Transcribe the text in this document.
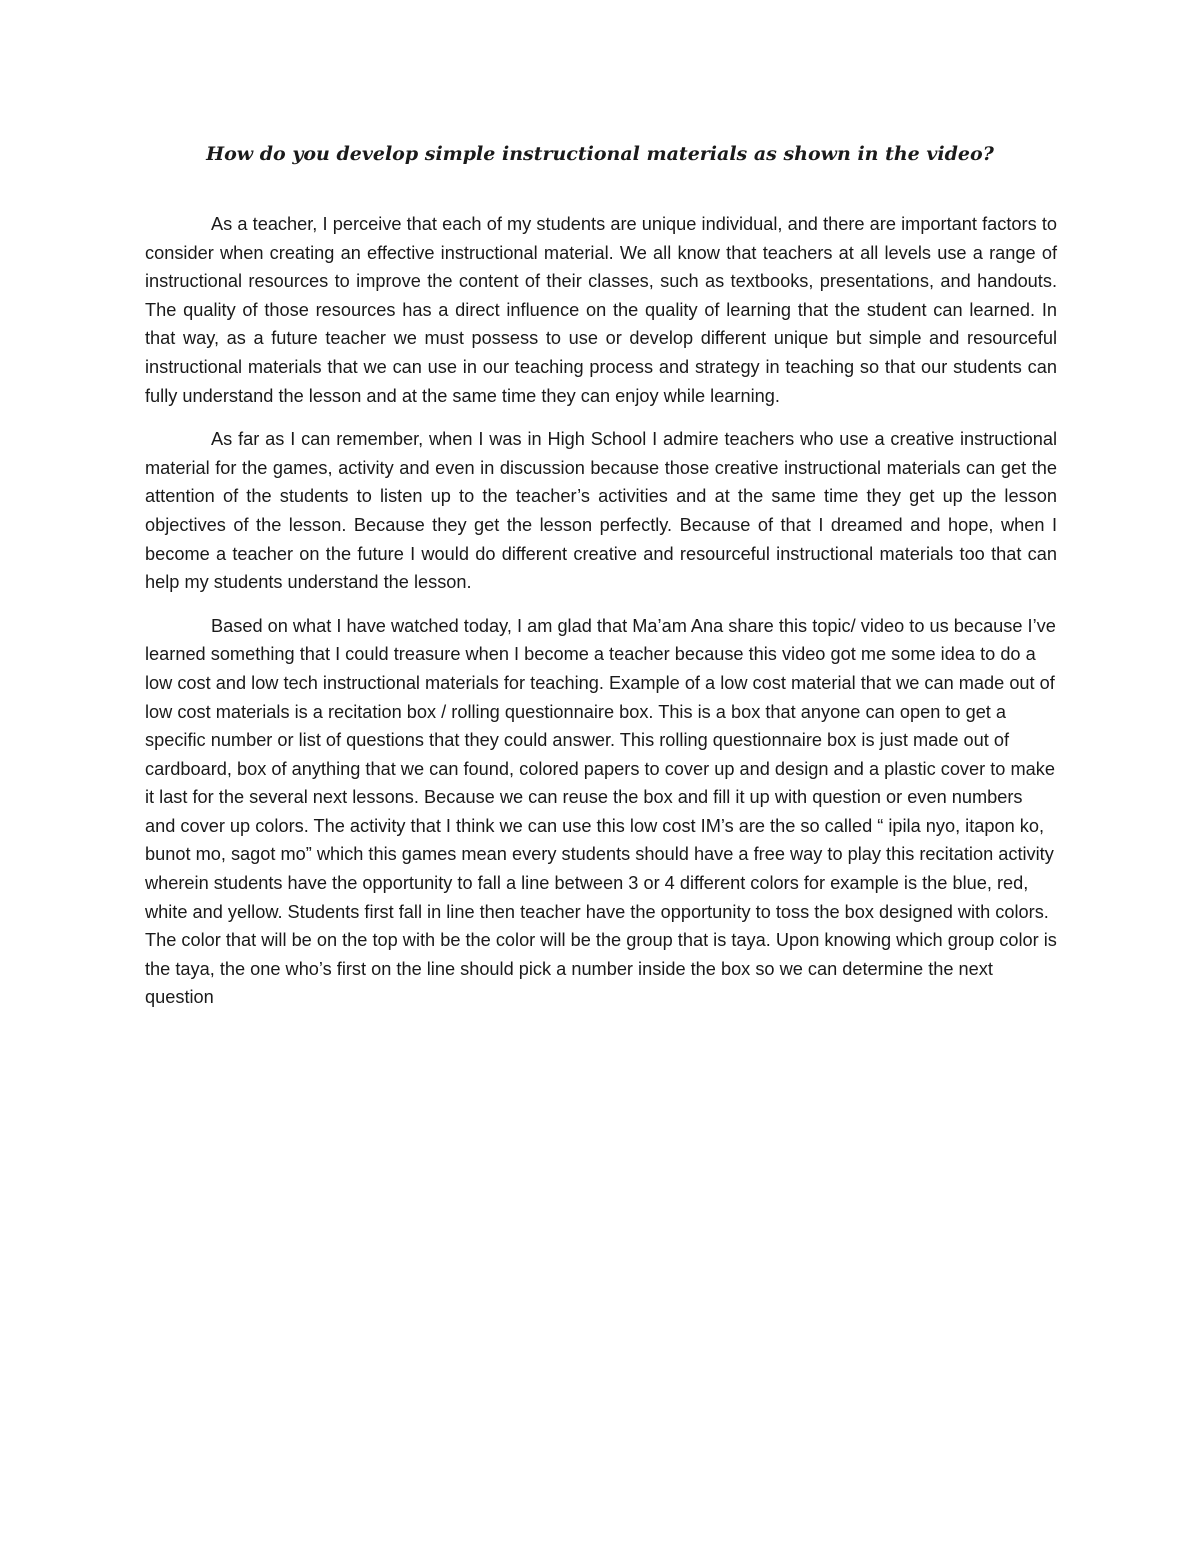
How do you develop simple instructional materials as shown in the video?

As a teacher, I perceive that each of my students are unique individual, and there are important factors to consider when creating an effective instructional material. We all know that teachers at all levels use a range of instructional resources to improve the content of their classes, such as textbooks, presentations, and handouts. The quality of those resources has a direct influence on the quality of learning that the student can learned. In that way, as a future teacher we must possess to use or develop different unique but simple and resourceful instructional materials that we can use in our teaching process and strategy in teaching so that our students can fully understand the lesson and at the same time they can enjoy while learning.

As far as I can remember, when I was in High School I admire teachers who use a creative instructional material for the games, activity and even in discussion because those creative instructional materials can get the attention of the students to listen up to the teacher’s activities and at the same time they get up the lesson objectives of the lesson. Because they get the lesson perfectly. Because of that I dreamed and hope, when I become a teacher on the future I would do different creative and resourceful instructional materials too that can help my students understand the lesson.

Based on what I have watched today, I am glad that Ma’am Ana share this topic/ video to us because I’ve learned something that I could treasure when I become a teacher because this video got me some idea to do a low cost and low tech instructional materials for teaching. Example of a low cost material that we can made out of low cost materials is a recitation box / rolling questionnaire box. This is a box that anyone can open to get a specific number or list of questions that they could answer. This rolling questionnaire box is just made out of cardboard, box of anything that we can found, colored papers to cover up and design and a plastic cover to make it last for the several next lessons. Because we can reuse the box and fill it up with question or even numbers and cover up colors. The activity that I think we can use this low cost IM’s are the so called “ ipila nyo, itapon ko, bunot mo, sagot mo” which this games mean every students should have a free way to play this recitation activity wherein students have the opportunity to fall a line between 3 or 4 different colors for example is the blue, red, white and yellow. Students first fall in line then teacher have the opportunity to toss the box designed with colors. The color that will be on the top with be the color will be the group that is taya. Upon knowing which group color is the taya, the one who’s first on the line should pick a number inside the box so we can determine the next question
